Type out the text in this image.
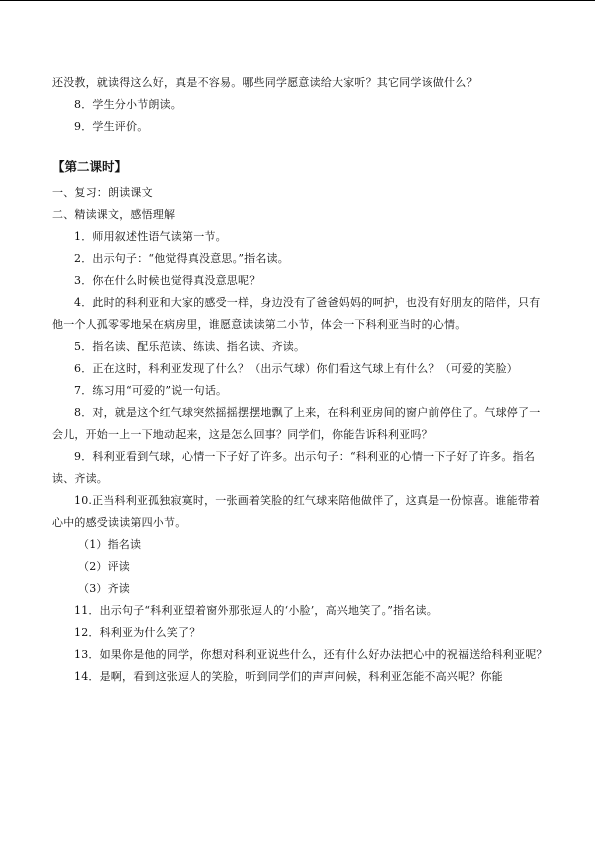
还没教，就读得这么好，真是不容易。哪些同学愿意读给大家听？其它同学该做什么？
8．学生分小节朗读。
9．学生评价。
【第二课时】
一、复习：朗读课文
二、精读课文，感悟理解
1．师用叙述性语气读第一节。
2．出示句子：“他觉得真没意思。”指名读。
3．你在什么时候也觉得真没意思呢？
4．此时的科利亚和大家的感受一样，身边没有了爸爸妈妈的呵护，也没有好朋友的陪伴，只有他一个人孤零零地呆在病房里，谁愿意读读第二小节，体会一下科利亚当时的心情。
5．指名读、配乐范读、练读、指名读、齐读。
6．正在这时，科利亚发现了什么？（出示气球）你们看这气球上有什么？（可爱的笑脸）
7．练习用“可爱的”说一句话。
8．对，就是这个红气球突然摇摇摆摆地飘了上来，在科利亚房间的窗户前停住了。气球停了一会儿，开始一上一下地动起来，这是怎么回事？同学们，你能告诉科利亚吗？
9．科利亚看到气球，心情一下子好了许多。出示句子：“科利亚的心情一下子好了许多。指名读、齐读。
10.正当科利亚孤独寂寞时，一张画着笑脸的红气球来陪他做伴了，这真是一份惊喜。谁能带着心中的感受读读第四小节。
（1）指名读
（2）评读
（3）齐读
11．出示句子“科利亚望着窗外那张逗人的‘小脸’，高兴地笑了。”指名读。
12．科利亚为什么笑了？
13．如果你是他的同学，你想对科利亚说些什么，还有什么好办法把心中的祝福送给科利亚呢？
14．是啊，看到这张逗人的笑脸，听到同学们的声声问候，科利亚怎能不高兴呢？你能
